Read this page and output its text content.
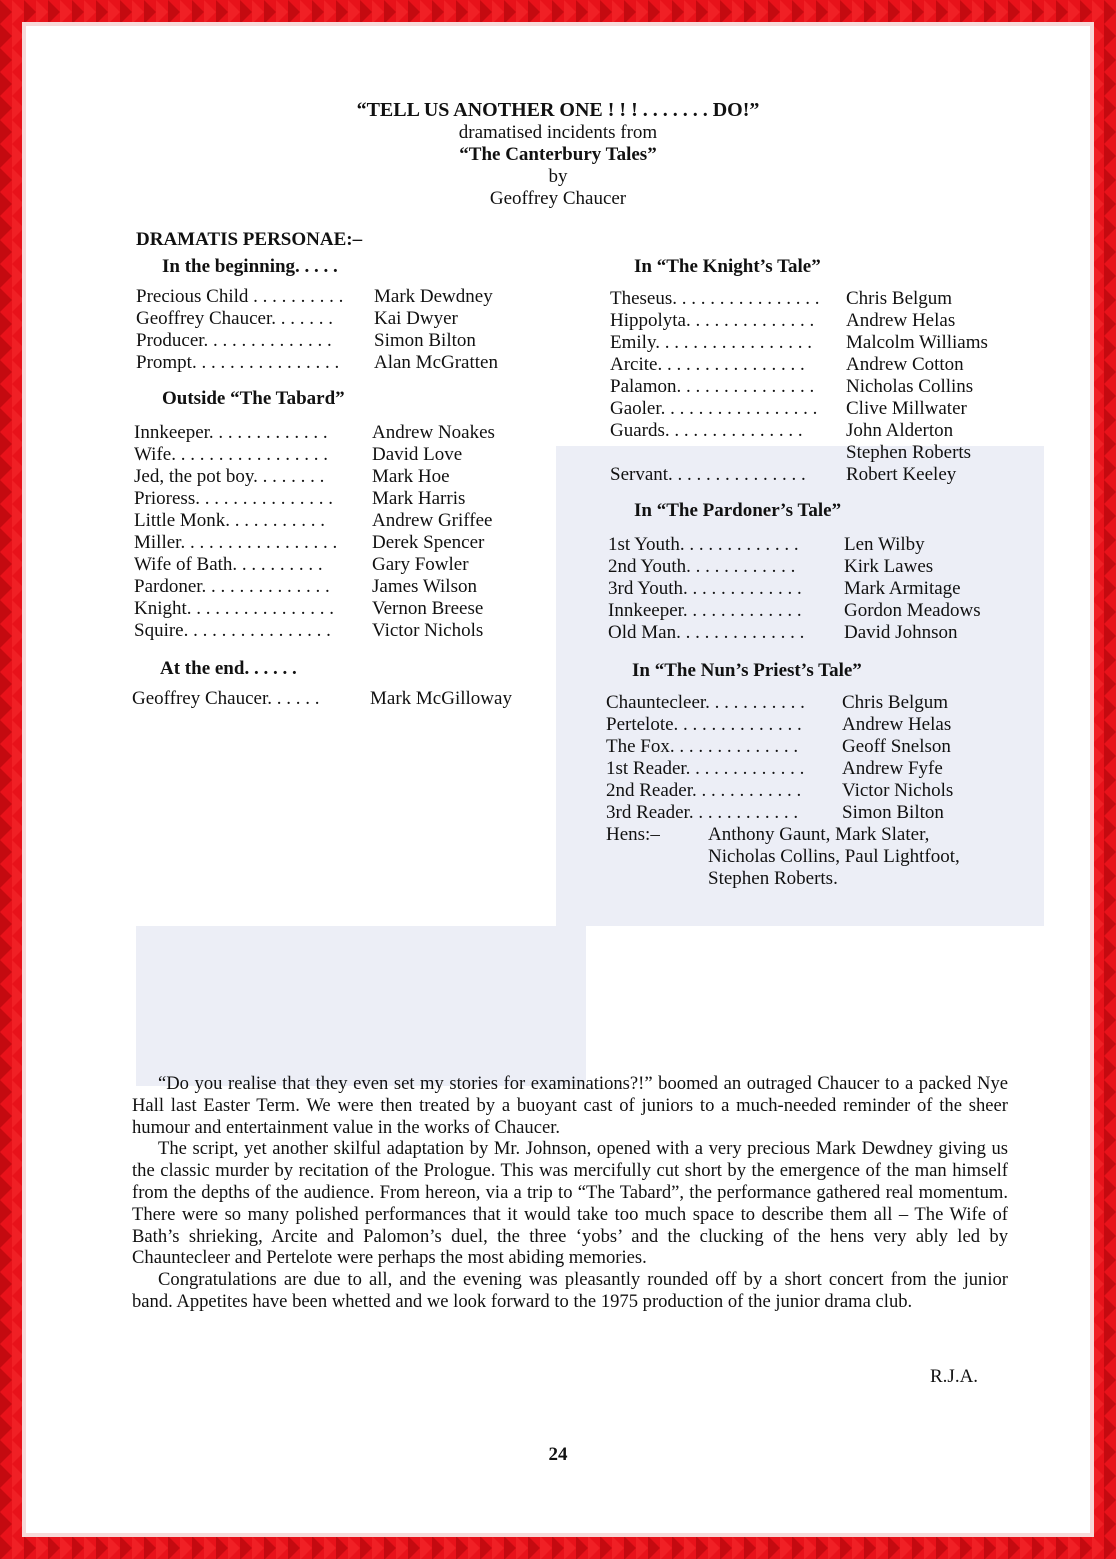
“TELL US ANOTHER ONE ! ! ! . . . . . . . DO!”
dramatised incidents from
“The Canterbury Tales”
by
Geoffrey Chaucer
DRAMATIS PERSONAE:–
In the beginning. . . . .
Precious Child . . . . . . . . . . Mark Dewdney
Geoffrey Chaucer. . . . . . . Kai Dwyer
Producer. . . . . . . . . . . . . . Simon Bilton
Prompt. . . . . . . . . . . . . . . . Alan McGratten
Outside “The Tabard”
Innkeeper. . . . . . . . . . . . . Andrew Noakes
Wife. . . . . . . . . . . . . . . . . David Love
Jed, the pot boy. . . . . . . .	Mark Hoe
Prioress. . . . . . . . . . . . . . . Mark Harris
Little Monk. . . . . . . . . . . Andrew Griffee
Miller. . . . . . . . . . . . . . . . . Derek Spencer
Wife of Bath. . . . . . . . . .	Gary Fowler
Pardoner. . . . . . . . . . . . . . James Wilson
Knight. . . . . . . . . . . . . . . . Vernon Breese
Squire. . . . . . . . . . . . . . . . Victor Nichols
At the end. . . . . .
Geoffrey Chaucer. . . . . .	Mark McGilloway
In “The Knight’s Tale”
Theseus. . . . . . . . . . . . . . . . Chris Belgum
Hippolyta. . . . . . . . . . . . . . Andrew Helas
Emily. . . . . . . . . . . . . . . . . Malcolm Williams
Arcite. . . . . . . . . . . . . . . . Andrew Cotton
Palamon. . . . . . . . . . . . . . . Nicholas Collins
Gaoler. . . . . . . . . . . . . . . . . Clive Millwater
Guards. . . . . . . . . . . . . . . John Alderton
Stephen Roberts
Servant. . . . . . . . . . . . . . . Robert Keeley
In “The Pardoner’s Tale”
1st Youth. . . . . . . . . . . . . Len Wilby
2nd Youth. . . . . . . . . . . .	Kirk Lawes
3rd Youth. . . . . . . . . . . . . Mark Armitage
Innkeeper. . . . . . . . . . . . . Gordon Meadows
Old Man. . . . . . . . . . . . . . David Johnson
In “The Nun’s Priest’s Tale”
Chauntecleer. . . . . . . . . . . Chris Belgum
Pertelote. . . . . . . . . . . . . . Andrew Helas
The Fox. . . . . . . . . . . . . . Geoff Snelson
1st Reader. . . . . . . . . . . . . Andrew Fyfe
2nd Reader. . . . . . . . . . . . Victor Nichols
3rd Reader. . . . . . . . . . . . Simon Bilton
Hens:–	Anthony Gaunt, Mark Slater,
Nicholas Collins, Paul Lightfoot,
Stephen Roberts.

“Do you realise that they even set my stories for examinations?!” boomed an outraged Chaucer to a packed Nye Hall last Easter Term. We were then treated by a buoyant cast of juniors to a much-needed reminder of the sheer humour and entertainment value in the works of Chaucer.

The script, yet another skilful adaptation by Mr. Johnson, opened with a very precious Mark Dewdney giving us the classic murder by recitation of the Prologue. This was mercifully cut short by the emergence of the man himself from the depths of the audience. From hereon, via a trip to “The Tabard”, the performance gathered real momentum. There were so many polished performances that it would take too much space to describe them all – The Wife of Bath’s shrieking, Arcite and Palomon’s duel, the three ‘yobs’ and the clucking of the hens very ably led by Chauntecleer and Pertelote were perhaps the most abiding memories.

Congratulations are due to all, and the evening was pleasantly rounded off by a short concert from the junior band. Appetites have been whetted and we look forward to the 1975 production of the junior drama club.

R.J.A.
24
